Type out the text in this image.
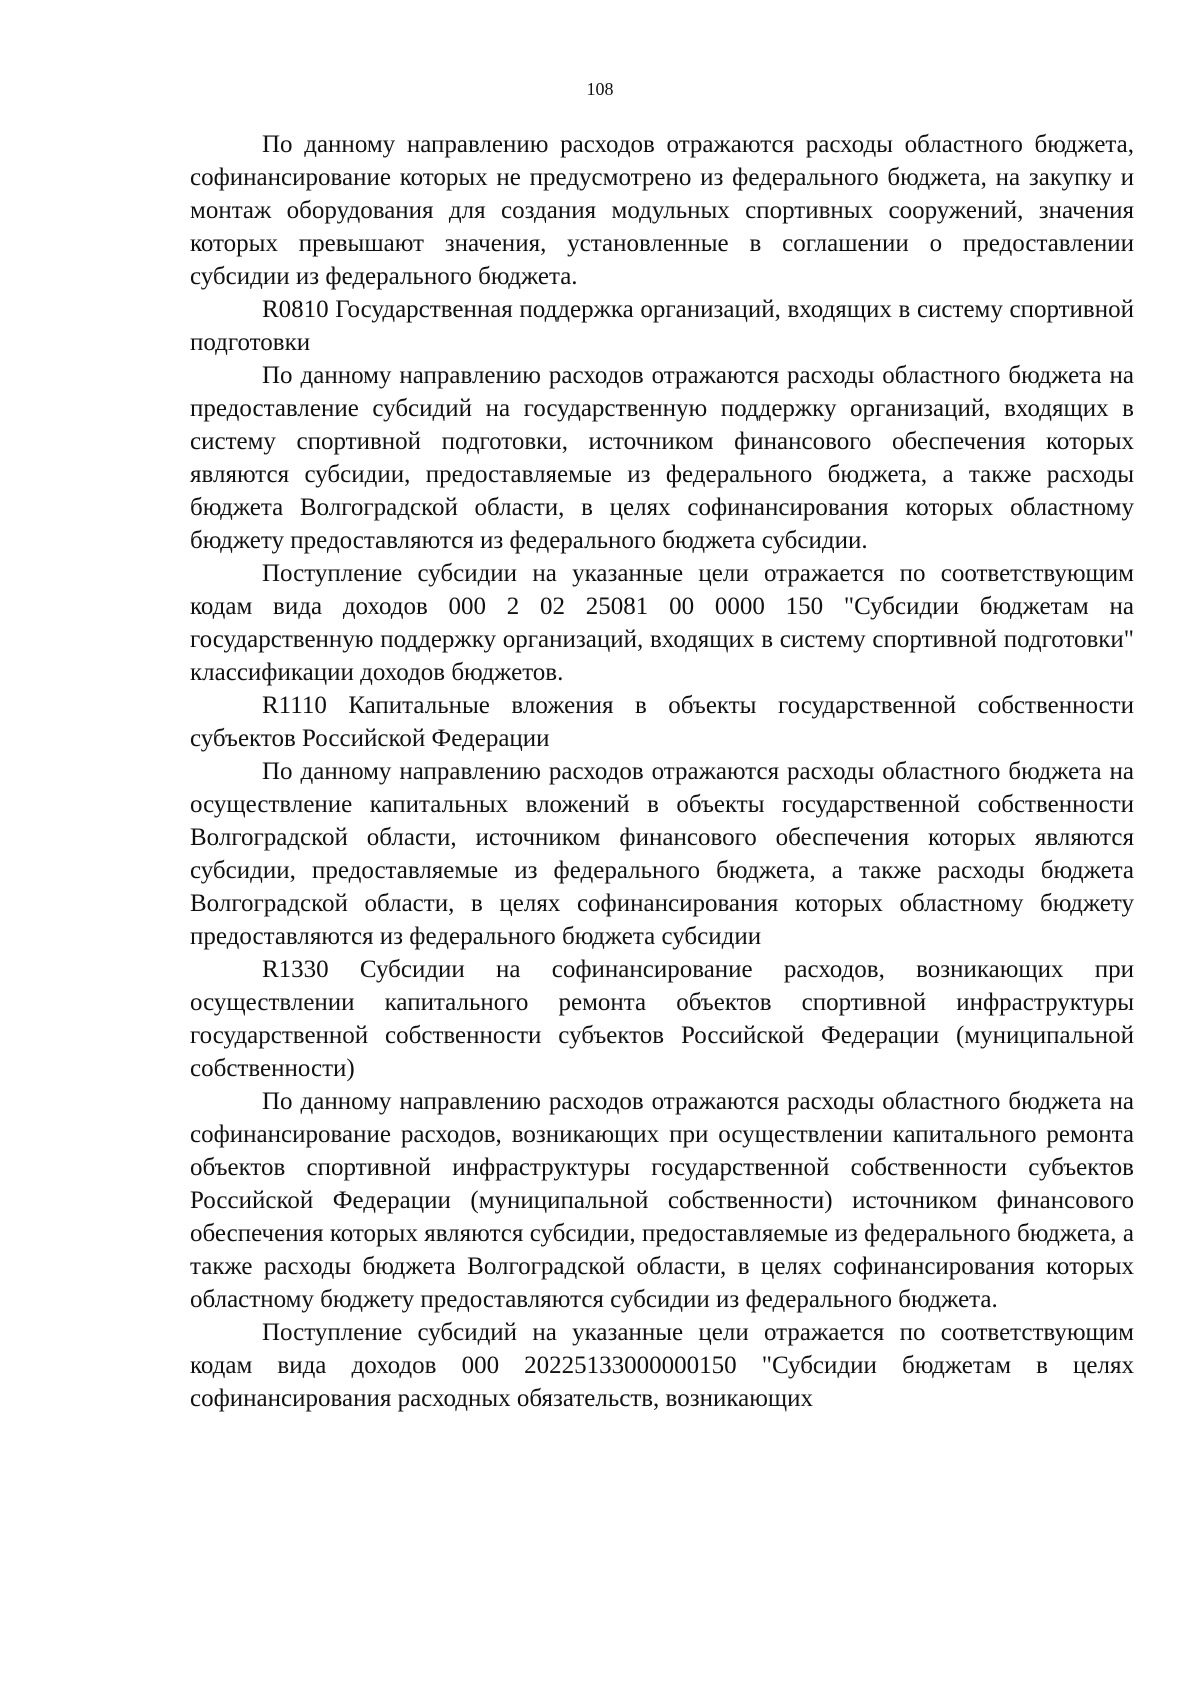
108

По данному направлению расходов отражаются расходы областного бюджета, софинансирование которых не предусмотрено из федерального бюджета, на закупку и монтаж оборудования для создания модульных спортивных сооружений, значения которых превышают значения, установленные в соглашении о предоставлении субсидии из федерального бюджета.

R0810 Государственная поддержка организаций, входящих в систему спортивной подготовки

По данному направлению расходов отражаются расходы областного бюджета на предоставление субсидий на государственную поддержку организаций, входящих в систему спортивной подготовки, источником финансового обеспечения которых являются субсидии, предоставляемые из федерального бюджета, а также расходы бюджета Волгоградской области, в целях софинансирования которых областному бюджету предоставляются из федерального бюджета субсидии.

Поступление субсидии на указанные цели отражается по соответствующим кодам вида доходов 000 2 02 25081 00 0000 150 "Субсидии бюджетам на государственную поддержку организаций, входящих в систему спортивной подготовки" классификации доходов бюджетов.

R1110 Капитальные вложения в объекты государственной собственности субъектов Российской Федерации

По данному направлению расходов отражаются расходы областного бюджета на осуществление капитальных вложений в объекты государственной собственности Волгоградской области, источником финансового обеспечения которых являются субсидии, предоставляемые из федерального бюджета, а также расходы бюджета Волгоградской области, в целях софинансирования которых областному бюджету предоставляются из федерального бюджета субсидии

R1330 Субсидии на софинансирование расходов, возникающих при осуществлении капитального ремонта объектов спортивной инфраструктуры государственной собственности субъектов Российской Федерации (муниципальной собственности)

По данному направлению расходов отражаются расходы областного бюджета на софинансирование расходов, возникающих при осуществлении капитального ремонта объектов спортивной инфраструктуры государственной собственности субъектов Российской Федерации (муниципальной собственности) источником финансового обеспечения которых являются субсидии, предоставляемые из федерального бюджета, а также расходы бюджета Волгоградской области, в целях софинансирования которых областному бюджету предоставляются субсидии из федерального бюджета.

Поступление субсидий на указанные цели отражается по соответствующим кодам вида доходов 000 20225133000000150 "Субсидии бюджетам в целях софинансирования расходных обязательств, возникающих
